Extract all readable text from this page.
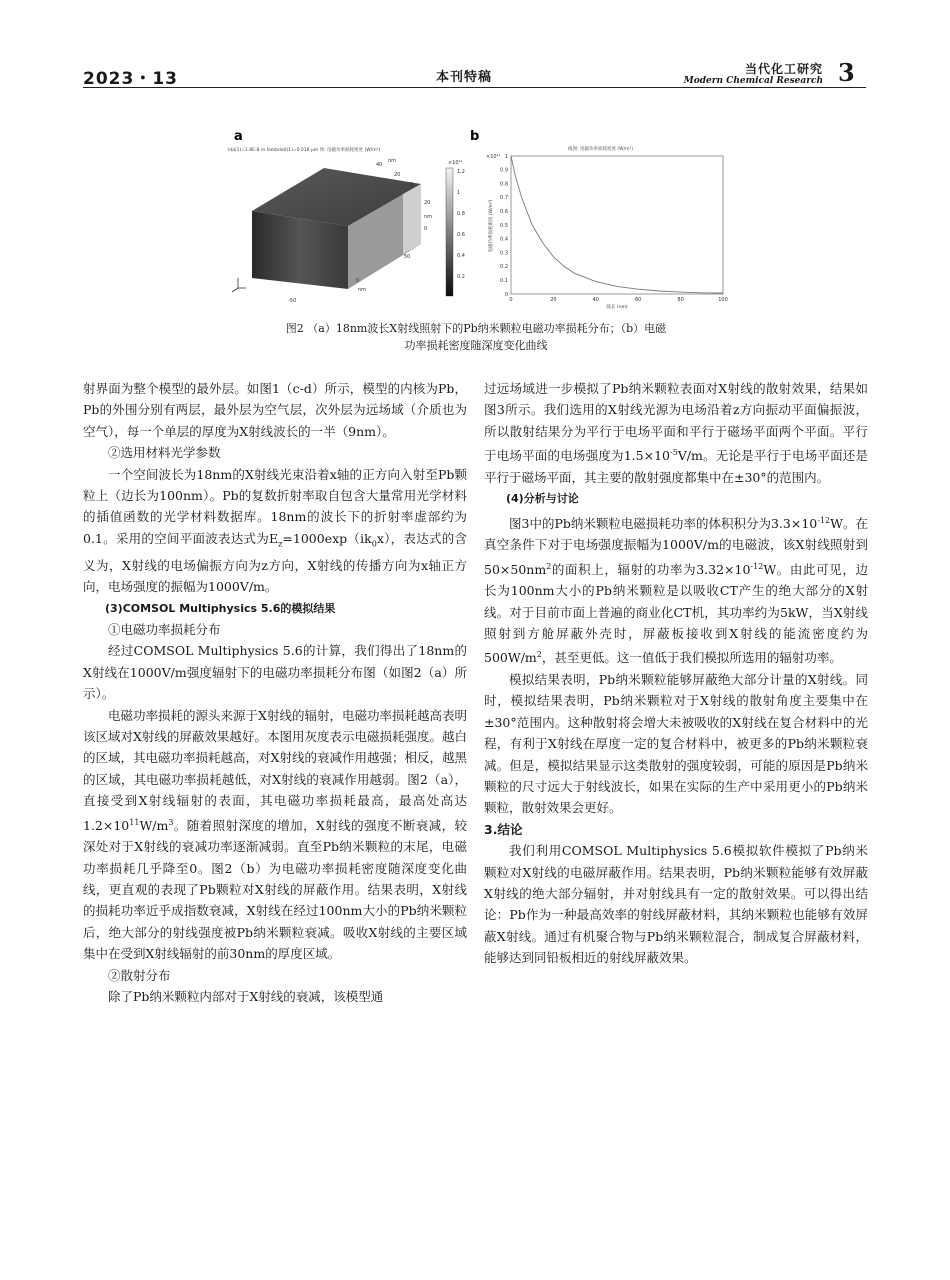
2023・13	本刊特稿
当代化工研究
Modern Chemical Research 3
a
lda(1)=1.8E-8 m lambda0(1)=0.018 μm 体: 电磁功率损耗密度 (W/m³)
40
20
0
nm
20
0
nm
50
0
nm
-50
×10¹¹
1.2
1
0.8
0.6
0.4
0.2
b
线图: 电磁功率损耗密度 (W/m³)
×10¹¹
电磁功率损耗密度 (W/m³)
弧长 (nm)
1
0.9
0.8
0.7
0.6
0.5
0.4
0.3
0.2
0.1
0
0	20	40	60	80	100
图2 （a）18nm波长X射线照射下的Pb纳米颗粒电磁功率损耗分布；（b）电磁
功率损耗密度随深度变化曲线

射界面为整个模型的最外层。如图1（c-d）所示，模型的内核为Pb，Pb的外围分别有两层，最外层为空气层，次外层为远场域（介质也为空气），每一个单层的厚度为X射线波长的一半（9nm）。

②选用材料光学参数

一个空间波长为18nm的X射线光束沿着x轴的正方向入射至Pb颗粒上（边长为100nm）。Pb的复数折射率取自包含大量常用光学材料的插值函数的光学材料数据库。18nm的波长下的折射率虚部约为0.1。采用的空间平面波表达式为$E_z=1000\exp(ik_0x)$，表达式的含义为，X射线的电场偏振方向为z方向，X射线的传播方向为x轴正方向，电场强度的振幅为1000V/m。

(3)COMSOL Multiphysics 5.6的模拟结果

①电磁功率损耗分布

经过COMSOL Multiphysics 5.6的计算，我们得出了18nm的X射线在1000V/m强度辐射下的电磁功率损耗分布图（如图2（a）所示）。

电磁功率损耗的源头来源于X射线的辐射，电磁功率损耗越高表明该区域对X射线的屏蔽效果越好。本图用灰度表示电磁损耗强度。越白的区域，其电磁功率损耗越高，对X射线的衰减作用越强；相反，越黑的区域，其电磁功率损耗越低，对X射线的衰减作用越弱。图2（a），直接受到X射线辐射的表面，其电磁功率损耗最高，最高处高达$1.2\times 10^{11}W/m^3$。随着照射深度的增加，X射线的强度不断衰减，较深处对于X射线的衰减功率逐渐减弱。直至Pb纳米颗粒的末尾，电磁功率损耗几乎降至0。图2（b）为电磁功率损耗密度随深度变化曲线，更直观的表现了Pb颗粒对X射线的屏蔽作用。结果表明，X射线的损耗功率近乎成指数衰减，X射线在经过100nm大小的Pb纳米颗粒后，绝大部分的射线强度被Pb纳米颗粒衰减。吸收X射线的主要区域集中在受到X射线辐射的前30nm的厚度区域。

②散射分布

除了Pb纳米颗粒内部对于X射线的衰减，该模型通

过远场域进一步模拟了Pb纳米颗粒表面对X射线的散射效果，结果如图3所示。我们选用的X射线光源为电场沿着z方向振动平面偏振波，所以散射结果分为平行于电场平面和平行于磁场平面两个平面。平行于电场平面的电场强度为$1.5\times 10^{-5}V/m$。无论是平行于电场平面还是平行于磁场平面，其主要的散射强度都集中在±30°的范围内。

(4)分析与讨论

图3中的Pb纳米颗粒电磁损耗功率的体积积分为$3.3\times 10^{-12}W$。在真空条件下对于电场强度振幅为1000V/m的电磁波，该X射线照射到$50\times 50nm^2$的面积上，辐射的功率为$3.32\times 10^{-12}W$。由此可见，边长为100nm大小的Pb纳米颗粒是以吸收CT产生的绝大部分的X射线。对于目前市面上普遍的商业化CT机，其功率约为5kW，当X射线照射到方舱屏蔽外壳时，屏蔽板接收到X射线的能流密度约为$500W/m^2$，甚至更低。这一值低于我们模拟所选用的辐射功率。

模拟结果表明，Pb纳米颗粒能够屏蔽绝大部分计量的X射线。同时，模拟结果表明，Pb纳米颗粒对于X射线的散射角度主要集中在±30°范围内。这种散射将会增大未被吸收的X射线在复合材料中的光程，有利于X射线在厚度一定的复合材料中，被更多的Pb纳米颗粒衰减。但是，模拟结果显示这类散射的强度较弱，可能的原因是Pb纳米颗粒的尺寸远大于射线波长，如果在实际的生产中采用更小的Pb纳米颗粒，散射效果会更好。

3.结论

我们利用COMSOL Multiphysics 5.6模拟软件模拟了Pb纳米颗粒对X射线的电磁屏蔽作用。结果表明，Pb纳米颗粒能够有效屏蔽X射线的绝大部分辐射，并对射线具有一定的散射效果。可以得出结论：Pb作为一种最高效率的射线屏蔽材料，其纳米颗粒也能够有效屏蔽X射线。通过有机聚合物与Pb纳米颗粒混合，制成复合屏蔽材料，能够达到同铅板相近的射线屏蔽效果。
